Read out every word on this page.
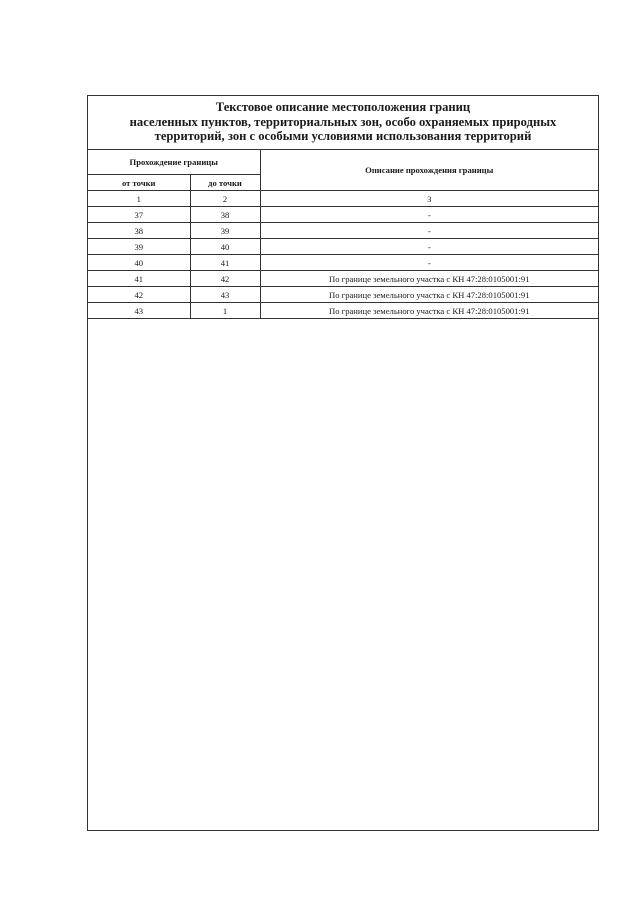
Текстовое описание местоположения границ
населенных пунктов, территориальных зон, особо охраняемых природных
территорий, зон с особыми условиями использования территорий
Прохождение границы		Описание прохождения границы
от точки	до точки	
1	2	3
37	38	-
38	39	-
39	40	-
40	41	-
41	42	По границе земельного участка с КН 47:28:0105001:91
42	43	По границе земельного участка с КН 47:28:0105001:91
43	1	По границе земельного участка с КН 47:28:0105001:91
